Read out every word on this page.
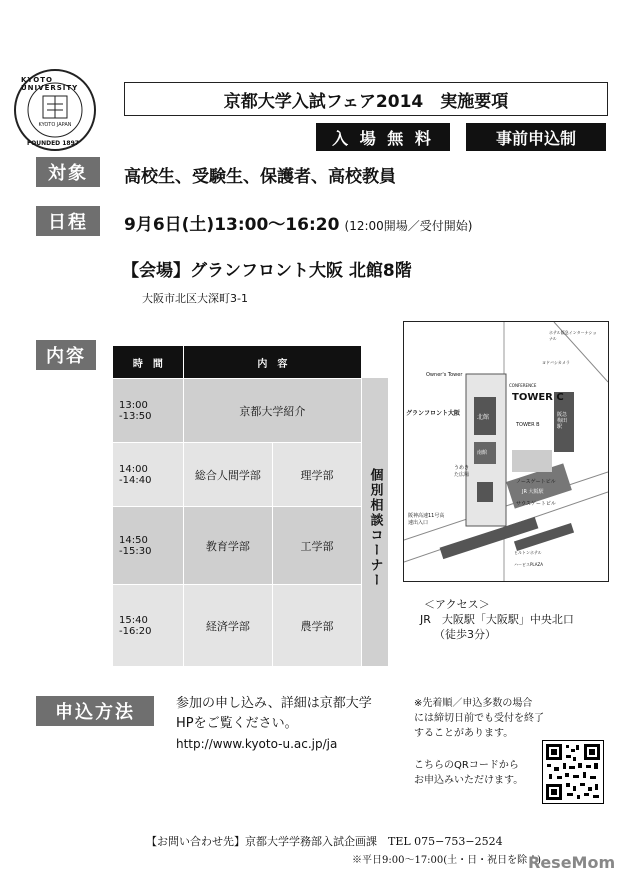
KYOTO JAPAN
KYOTO UNIVERSITY
FOUNDED 1897
京都大学入試フェア2014　実施要項
入 場 無 料	事前申込制
対象	高校生、受験生、保護者、高校教員
日程	9月6日(土)13:00〜16:20 (12:00開場／受付開始)
【会場】グランフロント大阪 北館8階
大阪市北区大深町3-1
内容	時　間	内　容	
13:00
-13:50	京都大学紹介	
14:00
-14:40	総合人間学部	理学部
14:50
-15:30	教育学部	工学部
15:40
-16:20	経済学部	農学部
個別相談コーナー
Owner's Tower
CONFERENCE
TOWER C
グランフロント大阪
北館
TOWER B
南館
阪急梅田駅
うめきた広場
ノースゲートビル
JR 大阪駅
サウスゲートビル
阪神高速11号高速出入口
ホテル阪急インターナショナル
ヨドバシカメラ
ヒルトンホテル
ハービスPLAZA
＜アクセス＞
JR　大阪駅「大阪駅」中央北口
（徒歩3分）
申込方法	参加の申し込み、詳細は京都大学
HPをご覧ください。
http://www.kyoto-u.ac.jp/ja
※先着順／申込多数の場合
には締切日前でも受付を終了
することがあります。
こちらのQRコードから
お申込みいただけます。
【お問い合わせ先】京都大学学務部入試企画課　TEL 075−753−2524
※平日9:00〜17:00(土・日・祝日を除く)
ReseMom
